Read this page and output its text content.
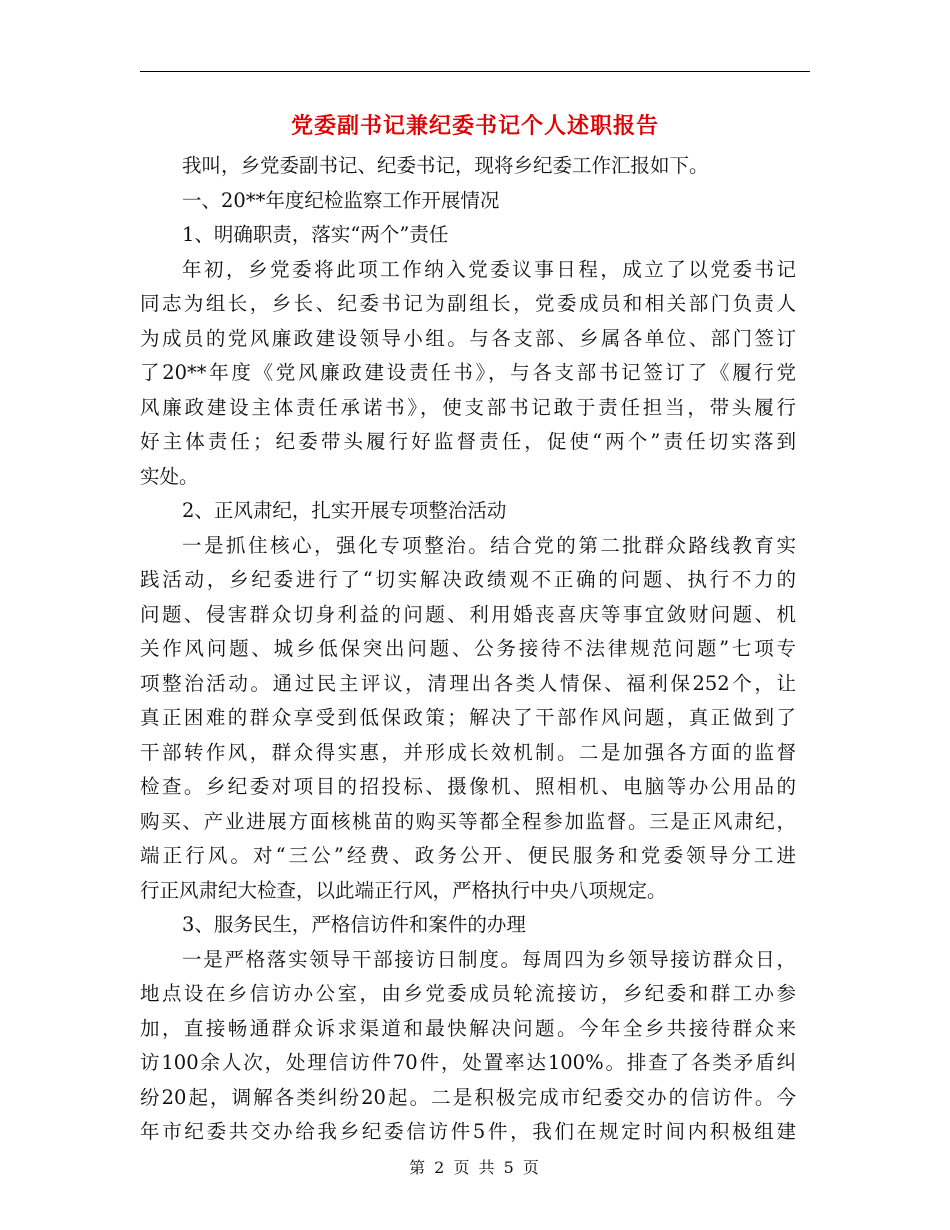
党委副书记兼纪委书记个人述职报告
我叫，乡党委副书记、纪委书记，现将乡纪委工作汇报如下。
一、20**年度纪检监察工作开展情况
1、明确职责，落实“两个”责任
年初，乡党委将此项工作纳入党委议事日程，成立了以党委书记
同志为组长，乡长、纪委书记为副组长，党委成员和相关部门负责人
为成员的党风廉政建设领导小组。与各支部、乡属各单位、部门签订
了20**年度《党风廉政建设责任书》，与各支部书记签订了《履行党
风廉政建设主体责任承诺书》，使支部书记敢于责任担当，带头履行
好主体责任；纪委带头履行好监督责任，促使“两个”责任切实落到
实处。
2、正风肃纪，扎实开展专项整治活动
一是抓住核心，强化专项整治。结合党的第二批群众路线教育实
践活动，乡纪委进行了“切实解决政绩观不正确的问题、执行不力的
问题、侵害群众切身利益的问题、利用婚丧喜庆等事宜敛财问题、机
关作风问题、城乡低保突出问题、公务接待不法律规范问题”七项专
项整治活动。通过民主评议，清理出各类人情保、福利保252个，让
真正困难的群众享受到低保政策；解决了干部作风问题，真正做到了
干部转作风，群众得实惠，并形成长效机制。二是加强各方面的监督
检查。乡纪委对项目的招投标、摄像机、照相机、电脑等办公用品的
购买、产业进展方面核桃苗的购买等都全程参加监督。三是正风肃纪，
端正行风。对“三公”经费、政务公开、便民服务和党委领导分工进
行正风肃纪大检查，以此端正行风，严格执行中央八项规定。
3、服务民生，严格信访件和案件的办理
一是严格落实领导干部接访日制度。每周四为乡领导接访群众日，
地点设在乡信访办公室，由乡党委成员轮流接访，乡纪委和群工办参
加，直接畅通群众诉求渠道和最快解决问题。今年全乡共接待群众来
访100余人次，处理信访件70件，处置率达100%。排查了各类矛盾纠
纷20起，调解各类纠纷20起。二是积极完成市纪委交办的信访件。今
年市纪委共交办给我乡纪委信访件5件，我们在规定时间内积极组建
第 2 页 共 5 页
